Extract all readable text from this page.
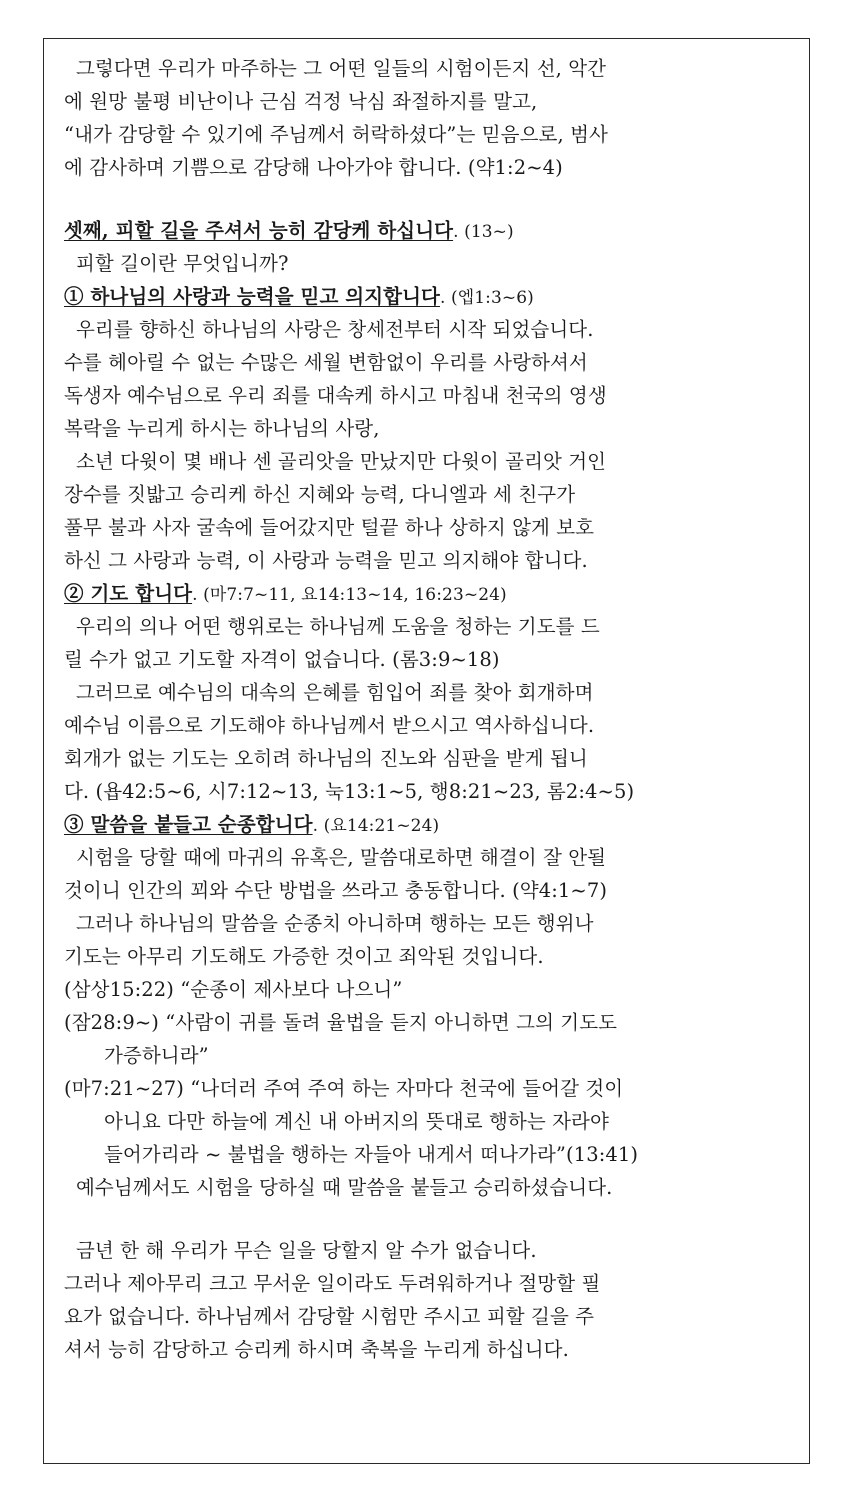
그렇다면 우리가 마주하는 그 어떤 일들의 시험이든지 선, 악간
에 원망 불평 비난이나 근심 걱정 낙심 좌절하지를 말고,
“내가 감당할 수 있기에 주님께서 허락하셨다”는 믿음으로, 범사
에 감사하며 기쁨으로 감당해 나아가야 합니다. (약1:2~4)
셋째, 피할 길을 주셔서 능히 감당케 하십니다. (13~)
피할 길이란 무엇입니까?
① 하나님의 사랑과 능력을 믿고 의지합니다. (엡1:3~6)
우리를 향하신 하나님의 사랑은 창세전부터 시작 되었습니다.
수를 헤아릴 수 없는 수많은 세월 변함없이 우리를 사랑하셔서
독생자 예수님으로 우리 죄를 대속케 하시고 마침내 천국의 영생
복락을 누리게 하시는 하나님의 사랑,
소년 다윗이 몇 배나 센 골리앗을 만났지만 다윗이 골리앗 거인
장수를 짓밟고 승리케 하신 지혜와 능력, 다니엘과 세 친구가
풀무 불과 사자 굴속에 들어갔지만 털끝 하나 상하지 않게 보호
하신 그 사랑과 능력, 이 사랑과 능력을 믿고 의지해야 합니다.
② 기도 합니다. (마7:7~11, 요14:13~14, 16:23~24)
우리의 의나 어떤 행위로는 하나님께 도움을 청하는 기도를 드
릴 수가 없고 기도할 자격이 없습니다. (롬3:9~18)
그러므로 예수님의 대속의 은혜를 힘입어 죄를 찾아 회개하며
예수님 이름으로 기도해야 하나님께서 받으시고 역사하십니다.
회개가 없는 기도는 오히려 하나님의 진노와 심판을 받게 됩니
다. (욥42:5~6, 시7:12~13, 눅13:1~5, 행8:21~23, 롬2:4~5)
③ 말씀을 붙들고 순종합니다. (요14:21~24)
시험을 당할 때에 마귀의 유혹은, 말씀대로하면 해결이 잘 안될
것이니 인간의 꾀와 수단 방법을 쓰라고 충동합니다. (약4:1~7)
그러나 하나님의 말씀을 순종치 아니하며 행하는 모든 행위나
기도는 아무리 기도해도 가증한 것이고 죄악된 것입니다.
(삼상15:22) “순종이 제사보다 나으니”
(잠28:9~) “사람이 귀를 돌려 율법을 듣지 아니하면 그의 기도도
가증하니라”
(마7:21~27) “나더러 주여 주여 하는 자마다 천국에 들어갈 것이
아니요 다만 하늘에 계신 내 아버지의 뜻대로 행하는 자라야
들어가리라 ~ 불법을 행하는 자들아 내게서 떠나가라”(13:41)
예수님께서도 시험을 당하실 때 말씀을 붙들고 승리하셨습니다.
금년 한 해 우리가 무슨 일을 당할지 알 수가 없습니다.
그러나 제아무리 크고 무서운 일이라도 두려워하거나 절망할 필
요가 없습니다. 하나님께서 감당할 시험만 주시고 피할 길을 주
셔서 능히 감당하고 승리케 하시며 축복을 누리게 하십니다.
